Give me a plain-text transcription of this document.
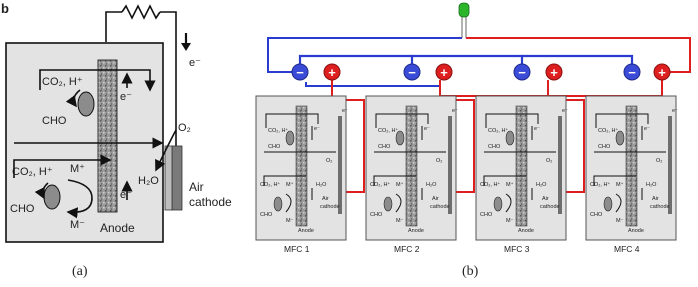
b
e⁻
CO₂, H⁺
CHO
e⁻
O₂
H₂O
CO₂, H⁺ M⁺
M⁻
CHO
e⁻
Anode
Air
cathode
(a)
− +	− +	− +	− +
CO₂, H⁺
CHO
e⁻
e⁻
O₂
H₂O
CO₂, H⁺ M⁺
M⁻
CHO
Anode
Air
cathode
MFC 1
CO₂, H⁺
CHO
e⁻
e⁻
O₂
H₂O
CO₂, H⁺ M⁺
M⁻
CHO
Anode
Air
cathode
MFC 2
CO₂, H⁺
CHO
e⁻
e⁻
O₂
H₂O
CO₂, H⁺ M⁺
M⁻
CHO
Anode
Air
cathode
MFC 3
CO₂, H⁺
CHO
e⁻
e⁻
O₂
H₂O
CO₂, H⁺ M⁺
M⁻
CHO
Anode
Air
cathode
MFC 4
(b)
